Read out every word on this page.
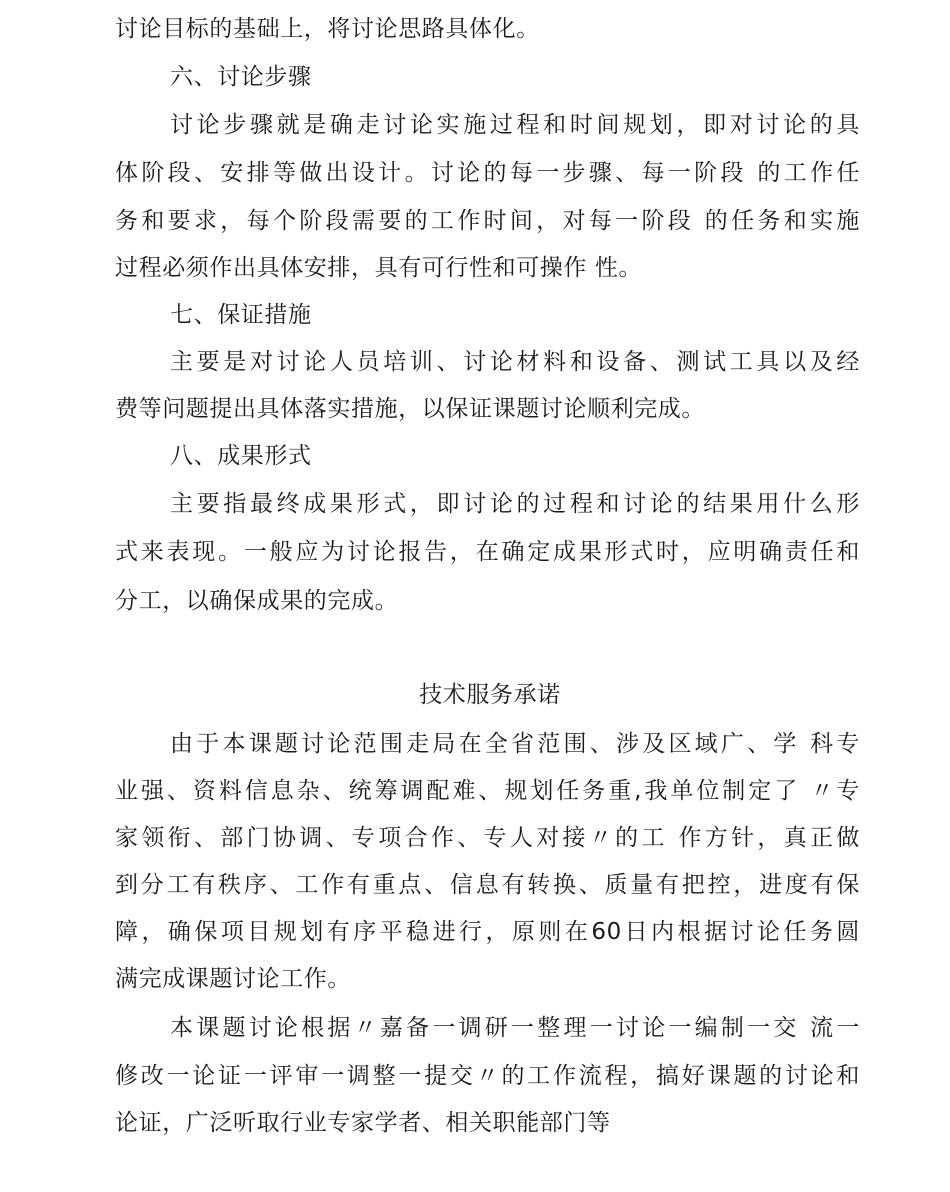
讨论目标的基础上，将讨论思路具体化。
六、讨论步骤
讨论步骤就是确走讨论实施过程和时间规划，即对讨论的具
体阶段、安排等做出设计。讨论的每一步骤、每一阶段 的工作任
务和要求，每个阶段需要的工作时间，对每一阶段 的任务和实施
过程必须作出具体安排，具有可行性和可操作 性。
七、保证措施
主要是对讨论人员培训、讨论材料和设备、测试工具以及经
费等问题提出具体落实措施，以保证课题讨论顺利完成。
八、成果形式
主要指最终成果形式，即讨论的过程和讨论的结果用什么形
式来表现。一般应为讨论报告，在确定成果形式时，应明确责任和
分工，以确保成果的完成。
技术服务承诺
由于本课题讨论范围走局在全省范围、涉及区域广、学 科专
业强、资料信息杂、统筹调配难、规划任务重,我单位制定了 〃专
家领衔、部门协调、专项合作、专人对接〃的工 作方针，真正做
到分工有秩序、工作有重点、信息有转换、质量有把控，进度有保
障，确保项目规划有序平稳进行，原则在60日内根据讨论任务圆
满完成课题讨论工作。
本课题讨论根据〃嘉备一调研一整理一讨论一编制一交 流一
修改一论证一评审一调整一提交〃的工作流程，搞好课题的讨论和
论证，广泛听取行业专家学者、相关职能部门等
